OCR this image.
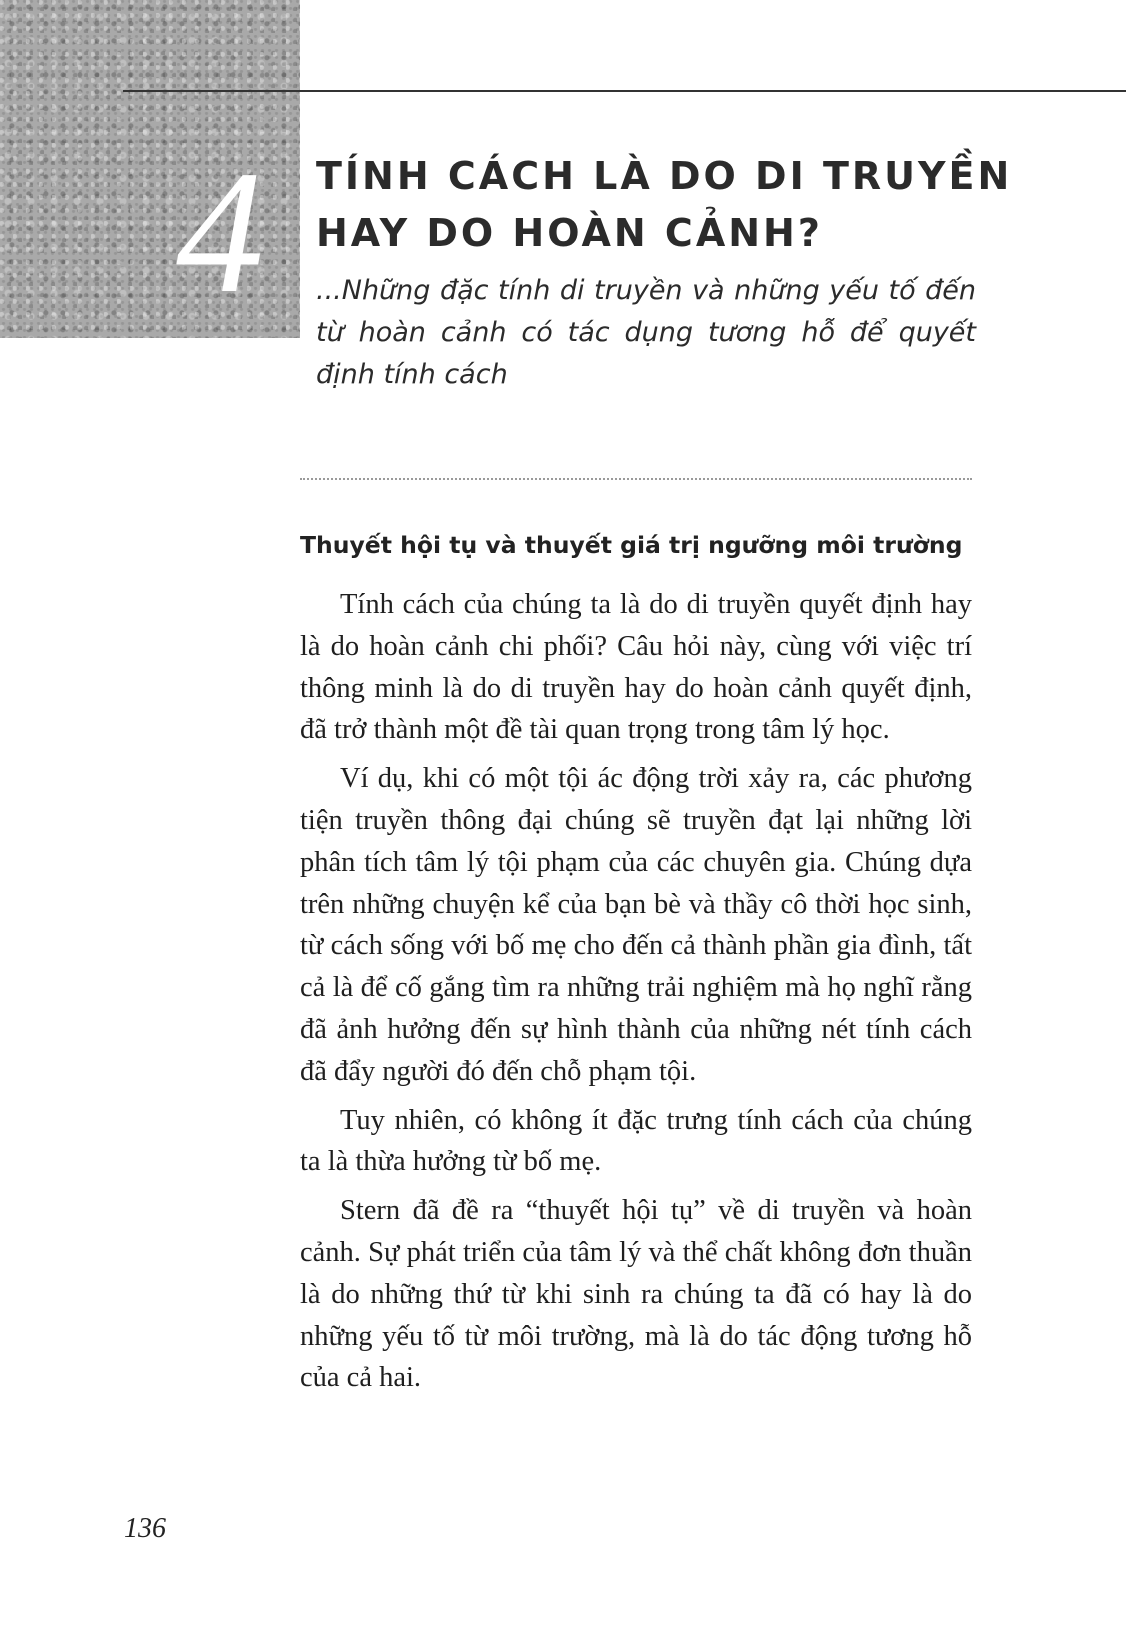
4	TÍNH CÁCH LÀ DO DI TRUYỀN
HAY DO HOÀN CẢNH?

...Những đặc tính di truyền và những yếu tố đến từ hoàn cảnh có tác dụng tương hỗ để quyết định tính cách

Thuyết hội tụ và thuyết giá trị ngưỡng môi trường

Tính cách của chúng ta là do di truyền quyết định hay là do hoàn cảnh chi phối? Câu hỏi này, cùng với việc trí thông minh là do di truyền hay do hoàn cảnh quyết định, đã trở thành một đề tài quan trọng trong tâm lý học.

Ví dụ, khi có một tội ác động trời xảy ra, các phương tiện truyền thông đại chúng sẽ truyền đạt lại những lời phân tích tâm lý tội phạm của các chuyên gia. Chúng dựa trên những chuyện kể của bạn bè và thầy cô thời học sinh, từ cách sống với bố mẹ cho đến cả thành phần gia đình, tất cả là để cố gắng tìm ra những trải nghiệm mà họ nghĩ rằng đã ảnh hưởng đến sự hình thành của những nét tính cách đã đẩy người đó đến chỗ phạm tội.

Tuy nhiên, có không ít đặc trưng tính cách của chúng ta là thừa hưởng từ bố mẹ.

Stern đã đề ra “thuyết hội tụ” về di truyền và hoàn cảnh. Sự phát triển của tâm lý và thể chất không đơn thuần là do những thứ từ khi sinh ra chúng ta đã có hay là do những yếu tố từ môi trường, mà là do tác động tương hỗ của cả hai.

136
